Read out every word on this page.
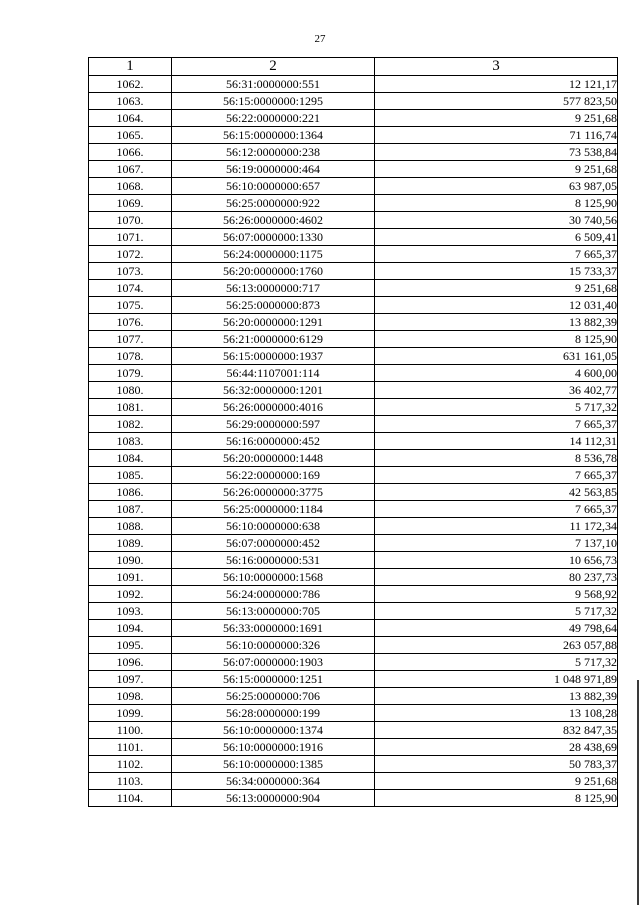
27
1	2	3
1062.	56:31:0000000:551	12 121,17
1063.	56:15:0000000:1295	577 823,50
1064.	56:22:0000000:221	9 251,68
1065.	56:15:0000000:1364	71 116,74
1066.	56:12:0000000:238	73 538,84
1067.	56:19:0000000:464	9 251,68
1068.	56:10:0000000:657	63 987,05
1069.	56:25:0000000:922	8 125,90
1070.	56:26:0000000:4602	30 740,56
1071.	56:07:0000000:1330	6 509,41
1072.	56:24:0000000:1175	7 665,37
1073.	56:20:0000000:1760	15 733,37
1074.	56:13:0000000:717	9 251,68
1075.	56:25:0000000:873	12 031,40
1076.	56:20:0000000:1291	13 882,39
1077.	56:21:0000000:6129	8 125,90
1078.	56:15:0000000:1937	631 161,05
1079.	56:44:1107001:114	4 600,00
1080.	56:32:0000000:1201	36 402,77
1081.	56:26:0000000:4016	5 717,32
1082.	56:29:0000000:597	7 665,37
1083.	56:16:0000000:452	14 112,31
1084.	56:20:0000000:1448	8 536,78
1085.	56:22:0000000:169	7 665,37
1086.	56:26:0000000:3775	42 563,85
1087.	56:25:0000000:1184	7 665,37
1088.	56:10:0000000:638	11 172,34
1089.	56:07:0000000:452	7 137,10
1090.	56:16:0000000:531	10 656,73
1091.	56:10:0000000:1568	80 237,73
1092.	56:24:0000000:786	9 568,92
1093.	56:13:0000000:705	5 717,32
1094.	56:33:0000000:1691	49 798,64
1095.	56:10:0000000:326	263 057,88
1096.	56:07:0000000:1903	5 717,32
1097.	56:15:0000000:1251	1 048 971,89
1098.	56:25:0000000:706	13 882,39
1099.	56:28:0000000:199	13 108,28
1100.	56:10:0000000:1374	832 847,35
1101.	56:10:0000000:1916	28 438,69
1102.	56:10:0000000:1385	50 783,37
1103.	56:34:0000000:364	9 251,68
1104.	56:13:0000000:904	8 125,90
